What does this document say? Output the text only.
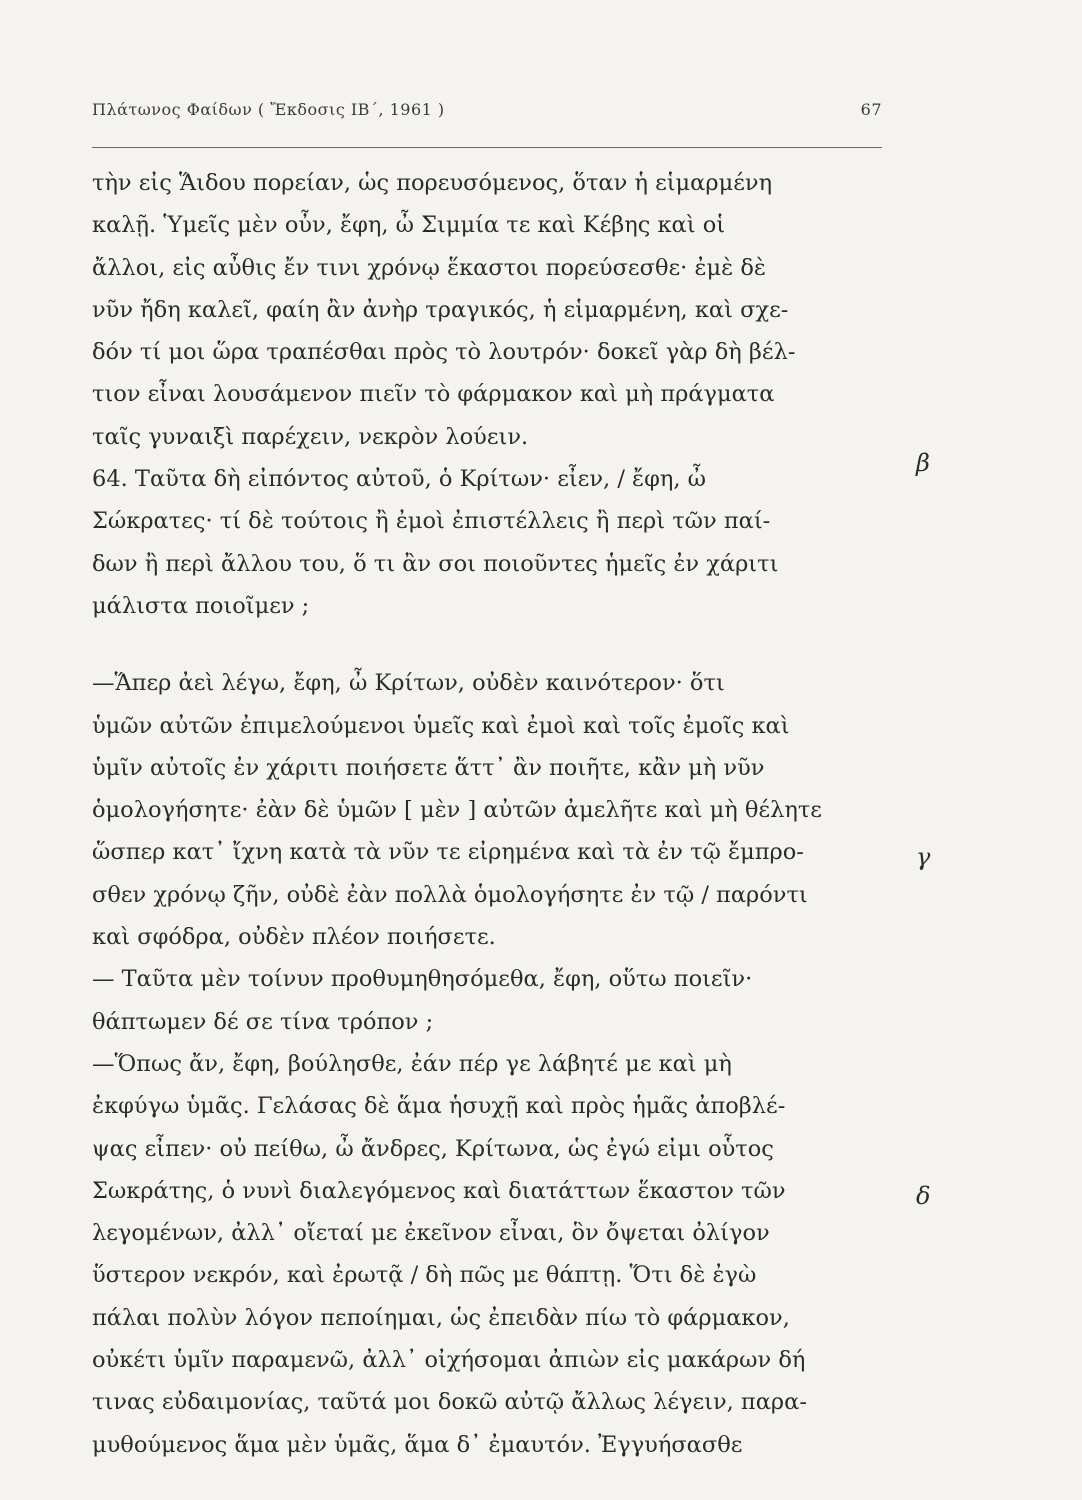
Πλάτωνος Φαίδων ( Ἔκδοσις ΙΒ΄, 1961 )	67
τὴν εἰς Ἅιδου πορείαν, ὡς πορευσόμενος, ὅταν ἡ εἱμαρμένη
καλῇ. Ὑμεῖς μὲν οὖν, ἔφη, ὦ Σιμμία τε καὶ Κέβης καὶ οἱ
ἄλλοι, εἰς αὖθις ἔν τινι χρόνῳ ἕκαστοι πορεύσεσθε· ἐμὲ δὲ
νῦν ἤδη καλεῖ, φαίη ἂν ἀνὴρ τραγικός, ἡ εἱμαρμένη, καὶ σχε-
δόν τί μοι ὥρα τραπέσθαι πρὸς τὸ λουτρόν· δοκεῖ γὰρ δὴ βέλ-
τιον εἶναι λουσάμενον πιεῖν τὸ φάρμακον καὶ μὴ πράγματα
ταῖς γυναιξὶ παρέχειν, νεκρὸν λούειν.
64. Ταῦτα δὴ εἰπόντος αὐτοῦ, ὁ Κρίτων· εἶεν, / ἔφη, ὦ
Σώκρατες· τί δὲ τούτοις ἢ ἐμοὶ ἐπιστέλλεις ἢ περὶ τῶν παί-
δων ἢ περὶ ἄλλου του, ὅ τι ἂν σοι ποιοῦντες ἡμεῖς ἐν χάριτι
μάλιστα ποιοῖμεν ;
—Ἅπερ ἀεὶ λέγω, ἔφη, ὦ Κρίτων, οὐδὲν καινότερον· ὅτι
ὑμῶν αὐτῶν ἐπιμελούμενοι ὑμεῖς καὶ ἐμοὶ καὶ τοῖς ἐμοῖς καὶ
ὑμῖν αὐτοῖς ἐν χάριτι ποιήσετε ἅττ᾽ ἂν ποιῆτε, κἂν μὴ νῦν
ὁμολογήσητε· ἐὰν δὲ ὑμῶν [ μὲν ] αὐτῶν ἀμελῆτε καὶ μὴ θέλητε
ὥσπερ κατ᾽ ἴχνη κατὰ τὰ νῦν τε εἰρημένα καὶ τὰ ἐν τῷ ἔμπρο-
σθεν χρόνῳ ζῆν, οὐδὲ ἐὰν πολλὰ ὁμολογήσητε ἐν τῷ / παρόντι
καὶ σφόδρα, οὐδὲν πλέον ποιήσετε.
— Ταῦτα μὲν τοίνυν προθυμηθησόμεθα, ἔφη, οὕτω ποιεῖν·
θάπτωμεν δέ σε τίνα τρόπον ;
—Ὅπως ἄν, ἔφη, βούλησθε, ἐάν πέρ γε λάβητέ με καὶ μὴ
ἐκφύγω ὑμᾶς. Γελάσας δὲ ἅμα ἡσυχῇ καὶ πρὸς ἡμᾶς ἀποβλέ-
ψας εἶπεν· οὐ πείθω, ὦ ἄνδρες, Κρίτωνα, ὡς ἐγώ εἰμι οὗτος
Σωκράτης, ὁ νυνὶ διαλεγόμενος καὶ διατάττων ἕκαστον τῶν
λεγομένων, ἀλλ᾽ οἴεταί με ἐκεῖνον εἶναι, ὃν ὄψεται ὀλίγον
ὕστερον νεκρόν, καὶ ἐρωτᾷ / δὴ πῶς με θάπτῃ. Ὅτι δὲ ἐγὼ
πάλαι πολὺν λόγον πεποίημαι, ὡς ἐπειδὰν πίω τὸ φάρμακον,
οὐκέτι ὑμῖν παραμενῶ, ἀλλ᾽ οἰχήσομαι ἀπιὼν εἰς μακάρων δή
τινας εὐδαιμονίας, ταῦτά μοι δοκῶ αὐτῷ ἄλλως λέγειν, παρα-
μυθούμενος ἅμα μὲν ὑμᾶς, ἅμα δ᾽ ἐμαυτόν. Ἐγγυήσασθε
β
γ
δ
